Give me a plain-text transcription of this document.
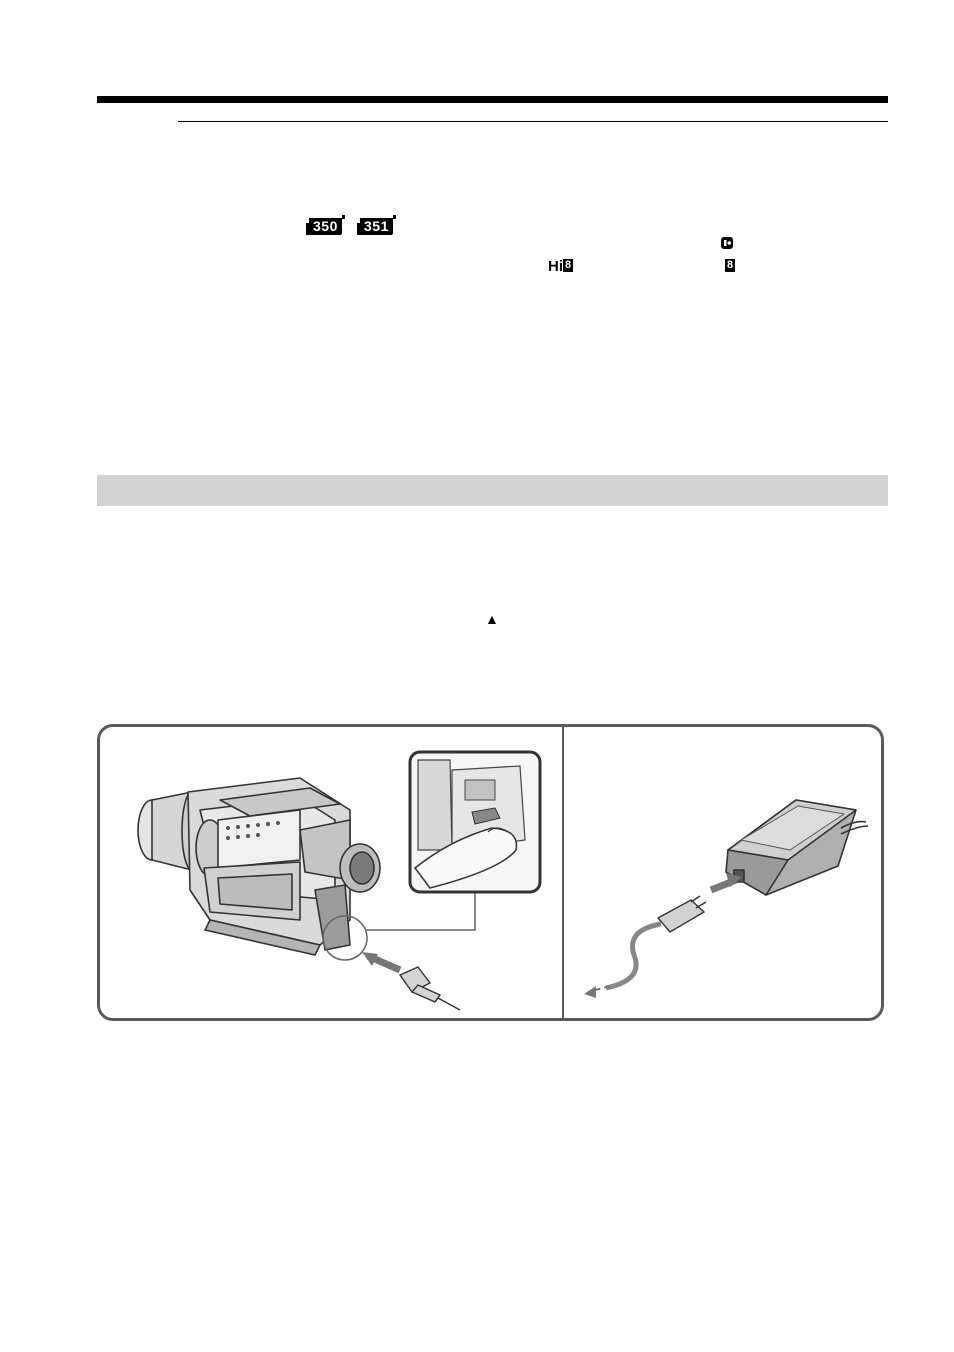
350	351
Hi 8	8
▲
